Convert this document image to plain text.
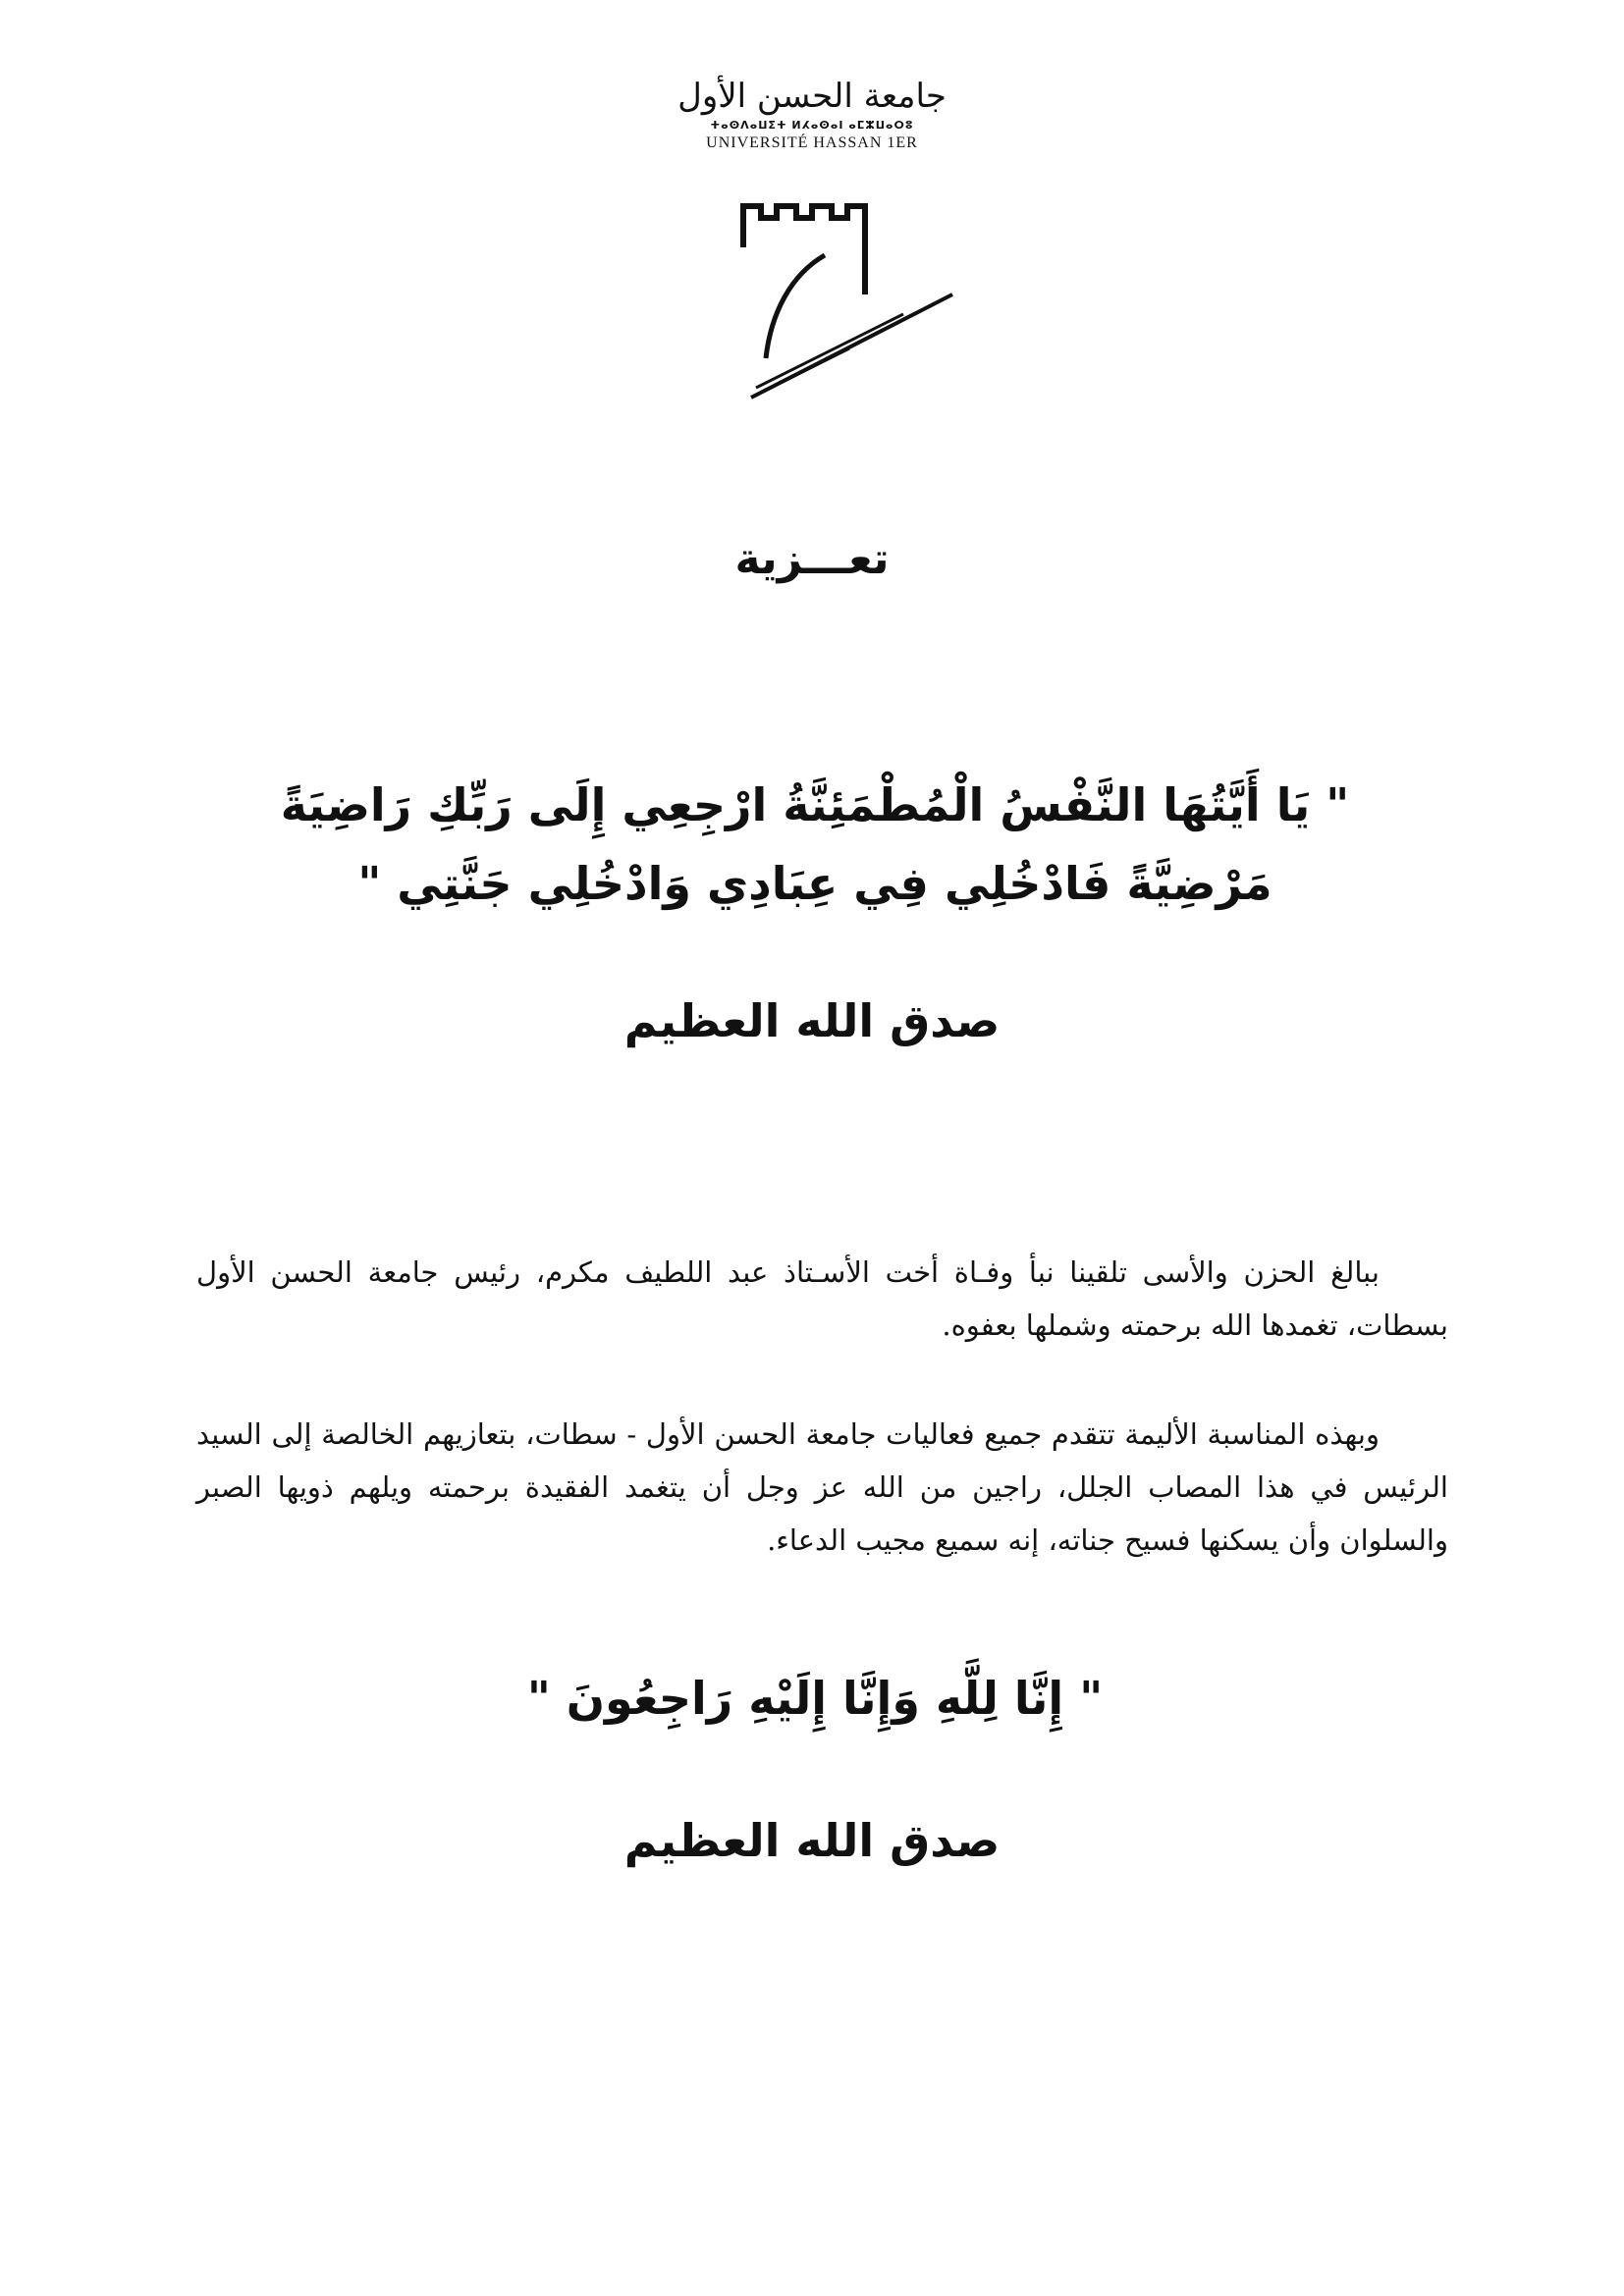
جامعة الحسن الأول

ⵜⴰⵙⴷⴰⵡⵉⵜ ⵍⵃⴰⵙⴰⵏ ⴰⵎⵣⵡⴰⵔⵓ

UNIVERSITÉ HASSAN 1ER

تعـــزية
" يَا أَيَّتُهَا النَّفْسُ الْمُطْمَئِنَّةُ ارْجِعِي إِلَى رَبِّكِ رَاضِيَةً مَرْضِيَّةً فَادْخُلِي فِي عِبَادِي وَادْخُلِي جَنَّتِي "
صدق الله العظيم

ببالغ الحزن والأسى تلقينا نبأ وفـاة أخت الأسـتاذ عبد اللطيف مكرم، رئيس جامعة الحسن الأول بسطات، تغمدها الله برحمته وشملها بعفوه.

وبهذه المناسبة الأليمة تتقدم جميع فعاليات جامعة الحسن الأول - سطات، بتعازيهم الخالصة إلى السيد الرئيس في هذا المصاب الجلل، راجين من الله عز وجل أن يتغمد الفقيدة برحمته ويلهم ذويها الصبر والسلوان وأن يسكنها فسيح جناته، إنه سميع مجيب الدعاء.

" إِنَّا لِلَّهِ وَإِنَّا إِلَيْهِ رَاجِعُونَ "
صدق الله العظيم
